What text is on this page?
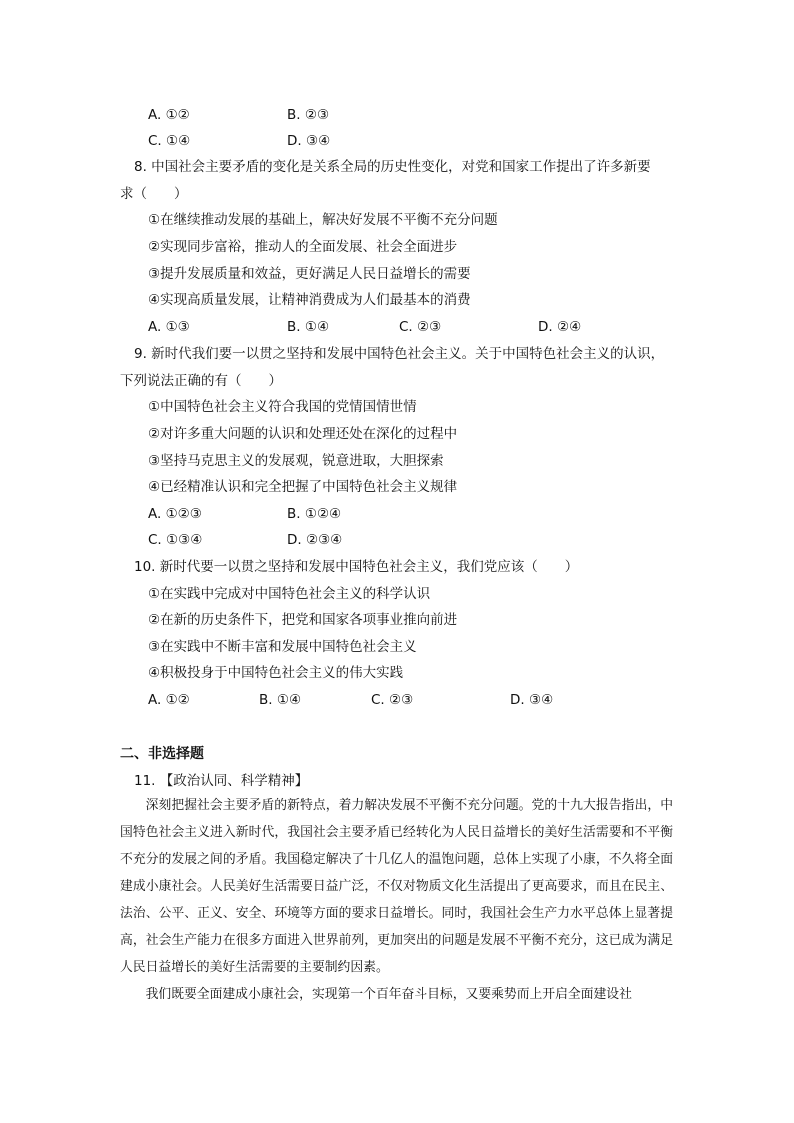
A. ①②	B. ②③
C. ①④	D. ③④
8. 中国社会主要矛盾的变化是关系全局的历史性变化，对党和国家工作提出了许多新要
求（　　）
①在继续推动发展的基础上，解决好发展不平衡不充分问题
②实现同步富裕，推动人的全面发展、社会全面进步
③提升发展质量和效益，更好满足人民日益增长的需要
④实现高质量发展，让精神消费成为人们最基本的消费
A. ①③	B. ①④	C. ②③	D. ②④
9. 新时代我们要一以贯之坚持和发展中国特色社会主义。关于中国特色社会主义的认识，
下列说法正确的有（　　）
①中国特色社会主义符合我国的党情国情世情
②对许多重大问题的认识和处理还处在深化的过程中
③坚持马克思主义的发展观，锐意进取，大胆探索
④已经精准认识和完全把握了中国特色社会主义规律
A. ①②③	B. ①②④
C. ①③④	D. ②③④
10. 新时代要一以贯之坚持和发展中国特色社会主义，我们党应该（　　）
①在实践中完成对中国特色社会主义的科学认识
②在新的历史条件下，把党和国家各项事业推向前进
③在实践中不断丰富和发展中国特色社会主义
④积极投身于中国特色社会主义的伟大实践
A. ①②	B. ①④	C. ②③	D. ③④
二、非选择题
11. 【政治认同、科学精神】

深刻把握社会主要矛盾的新特点，着力解决发展不平衡不充分问题。党的十九大报告指出，中国特色社会主义进入新时代，我国社会主要矛盾已经转化为人民日益增长的美好生活需要和不平衡不充分的发展之间的矛盾。我国稳定解决了十几亿人的温饱问题，总体上实现了小康，不久将全面建成小康社会。人民美好生活需要日益广泛，不仅对物质文化生活提出了更高要求，而且在民主、法治、公平、正义、安全、环境等方面的要求日益增长。同时，我国社会生产力水平总体上显著提高，社会生产能力在很多方面进入世界前列，更加突出的问题是发展不平衡不充分，这已成为满足人民日益增长的美好生活需要的主要制约因素。

我们既要全面建成小康社会，实现第一个百年奋斗目标，又要乘势而上开启全面建设社
